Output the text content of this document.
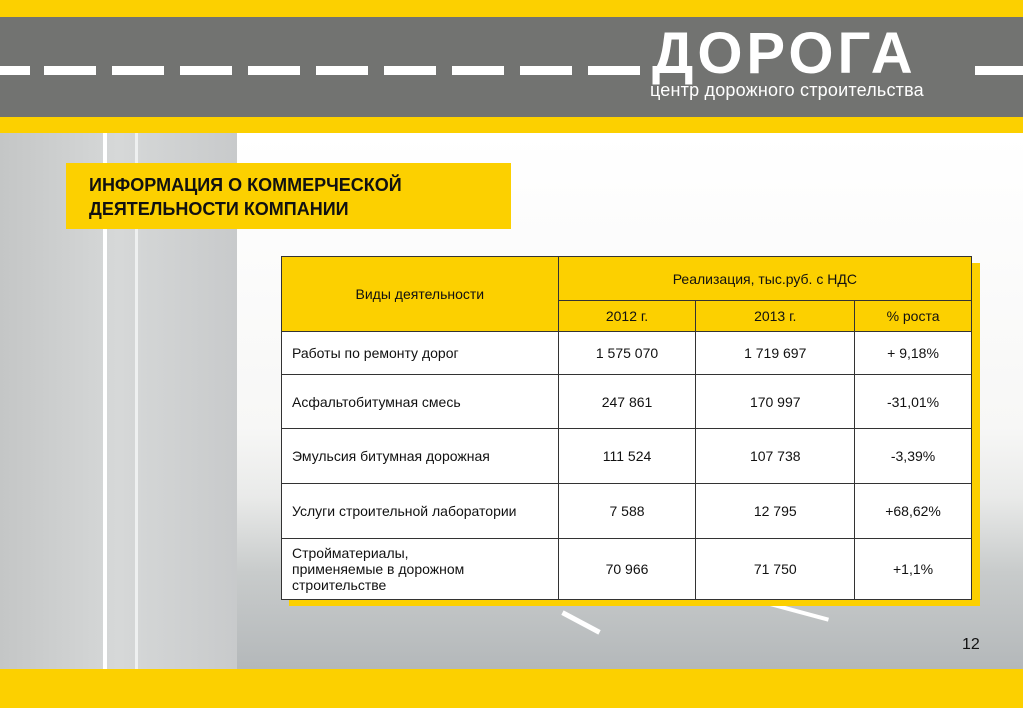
ДОРОГА
центр дорожного строительства
ИНФОРМАЦИЯ О КОММЕРЧЕСКОЙ
ДЕЯТЕЛЬНОСТИ КОМПАНИИ
Виды деятельности	Реализация, тыс.руб. с НДС		
	2012 г.	2013 г.	% роста
Работы по ремонту дорог	1 575 070	1 719 697	+ 9,18%
Асфальтобитумная смесь	247 861	170 997	-31,01%
Эмульсия битумная дорожная	111 524	107 738	-3,39%
Услуги строительной лаборатории	7 588	12 795	+68,62%

Стройматериалы,
применяемые в дорожном
строительстве	70 966	71 750	+1,1%
12
